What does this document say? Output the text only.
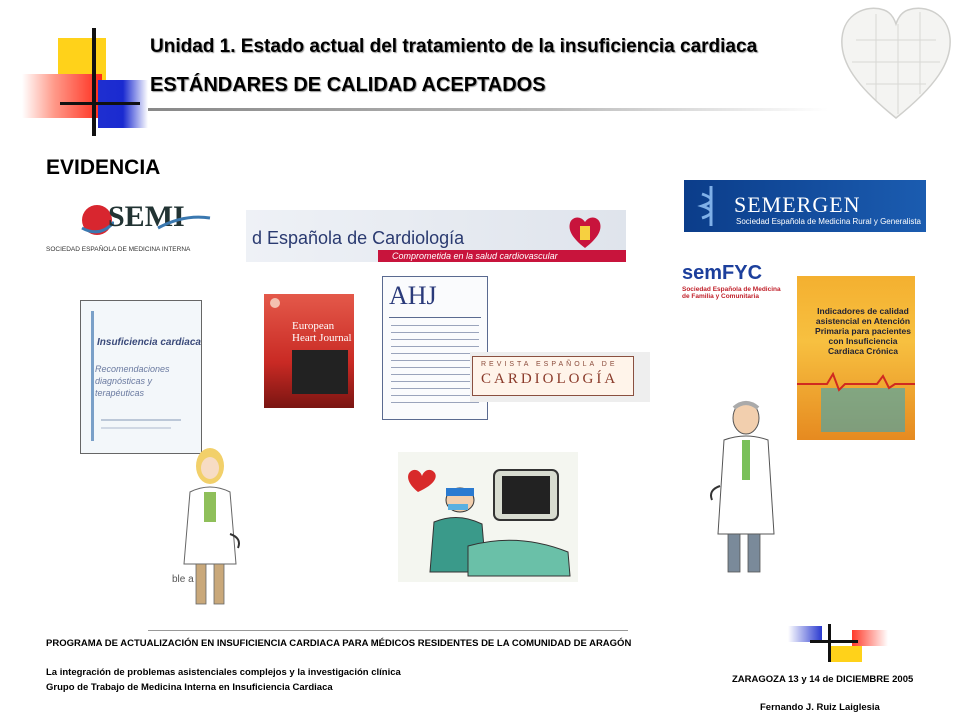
Unidad 1. Estado actual del tratamiento de la insuficiencia cardiaca
ESTÁNDARES DE CALIDAD ACEPTADOS
EVIDENCIA
SEMI
SOCIEDAD ESPAÑOLA DE MEDICINA INTERNA
d Española de Cardiología
Comprometida en la salud cardiovascular
SEMERGEN
Sociedad Española de Medicina Rural y Generalista
semFYC
Sociedad Española de Medicina de Familia y Comunitaria
Insuficiencia cardiaca
Recomendaciones diagnósticas y terapéuticas
European Heart Journal
AHJ
REVISTA ESPAÑOLA DE
CARDIOLOGÍA
Indicadores de calidad asistencial en Atención Primaria para pacientes con Insuficiencia Cardiaca Crónica
ble a
PROGRAMA DE ACTUALIZACIÓN EN INSUFICIENCIA CARDIACA PARA MÉDICOS RESIDENTES DE LA COMUNIDAD DE ARAGÓN
La integración de problemas asistenciales complejos y la investigación clínica
Grupo de Trabajo de Medicina Interna en Insuficiencia Cardiaca
ZARAGOZA 13 y 14 de DICIEMBRE 2005
Fernando J. Ruiz Laiglesia
